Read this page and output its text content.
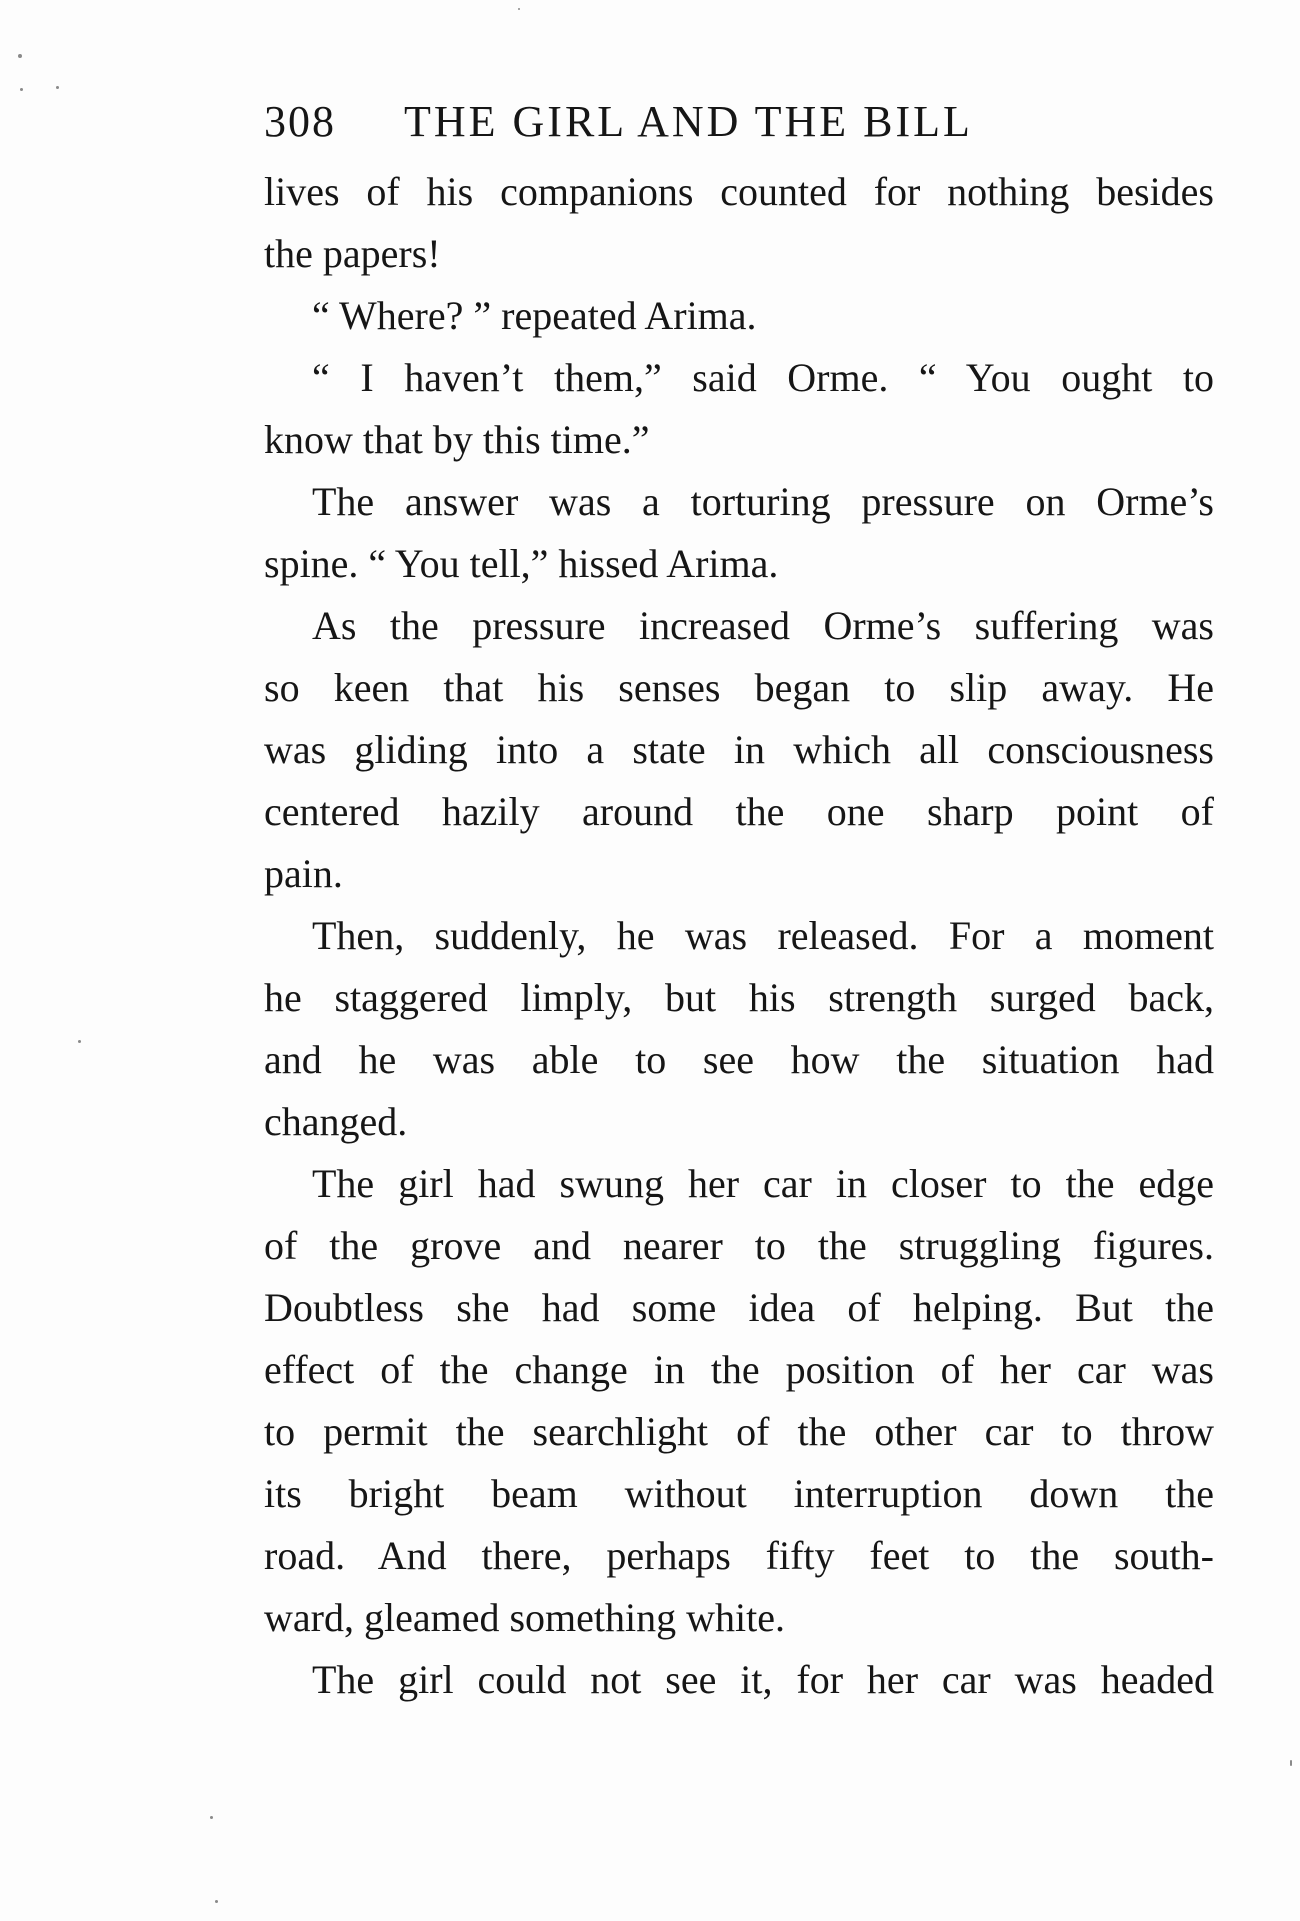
308 THE GIRL AND THE BILL
lives of his companions counted for nothing besides
the papers!
“ Where? ” repeated Arima.
“ I haven’t them,” said Orme. “ You ought to
know that by this time.”
The answer was a torturing pressure on Orme’s
spine. “ You tell,” hissed Arima.
As the pressure increased Orme’s suffering was
so keen that his senses began to slip away. He
was gliding into a state in which all consciousness
centered hazily around the one sharp point of
pain.
Then, suddenly, he was released. For a moment
he staggered limply, but his strength surged back,
and he was able to see how the situation had
changed.
The girl had swung her car in closer to the edge
of the grove and nearer to the struggling figures.
Doubtless she had some idea of helping. But the
effect of the change in the position of her car was
to permit the searchlight of the other car to throw
its bright beam without interruption down the
road. And there, perhaps fifty feet to the south-
ward, gleamed something white.
The girl could not see it, for her car was headed
